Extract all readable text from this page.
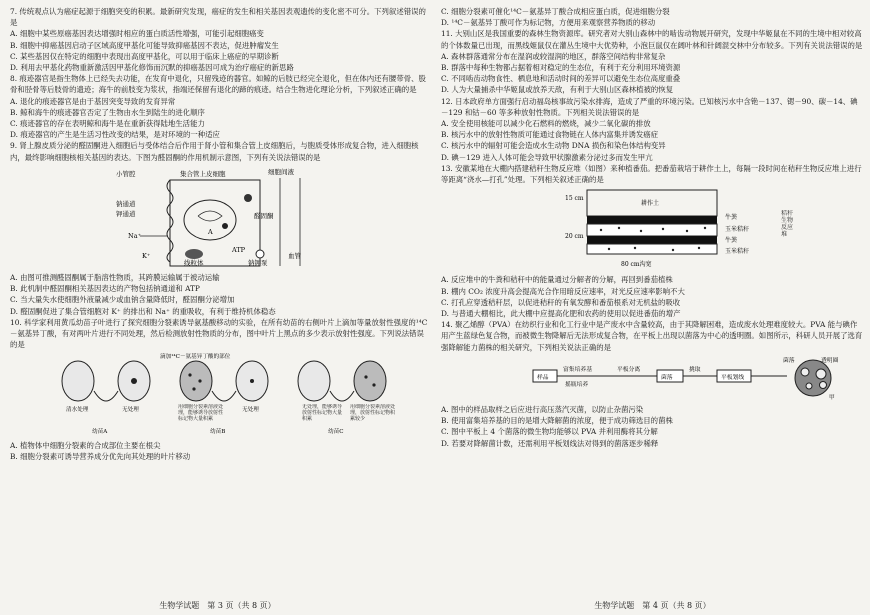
7. 传统观点认为癌症起源于细胞突变的积累。最新研究发现，癌症的发生和相关基因表观遗传的变化密不可分。下列叙述错误的是

A. 细胞中某些原癌基因表达增强时相应的蛋白质活性增强，可能引起细胞癌变

B. 细胞中抑癌基因启动子区域高度甲基化可能导致抑癌基因不表达，促进肿瘤发生

C. 某些基因仅在特定的细胞中表现出高度甲基化，可以用于临床上癌症的早期诊断

D. 利用去甲基化药物重新激活因甲基化修饰而沉默的抑癌基因可成为治疗癌症的新思路

8. 痕迹器官是指生物体上已经失去功能，在发育中退化，只留残迹的器官。如鲸的后肢已经完全退化，但在体内还有腰带骨、股骨和胫骨等后肢骨的遗迹；海牛的前肢变为浆状，指端还保留有退化的蹄的痕迹。结合生物进化理论分析，下列叙述正确的是

A. 退化的痕迹器官是由于基因突变导致的发育异常

B. 鲸和海牛的痕迹器官否定了生物由水生到陆生的进化顺序

C. 痕迹器官的存在表明鲸和海牛是在重新获得陆地生活能力

D. 痕迹器官的产生是生活习性改变的结果，是对环境的一种适应

9. 肾上腺皮质分泌的醛固酮进入细胞后与受体结合后作用于肾小管和集合管上皮细胞后，与胞质受体形成复合物，进入细胞核内，最终影响细胞核相关基因的表达。下图为醛固酮的作用机制示意图，下列有关说法错误的是

小管腔	集合管上皮细胞	细胞间液
A
线粒体
ATP
钠钾泵
钠通道
钾通道
Na⁺
K⁺
醛固酮
血管

A. 由图可推测醛固酮属于脂溶性物质，其跨膜运输属于被动运输

B. 此机制中醛固酮相关基因表达的产物包括钠通道和 ATP

C. 当大量失水使细胞外液量减少或血钠含量降低时，醛固酮分泌增加

D. 醛固酮促进了集合管细胞对 K⁺ 的排出和 Na⁺ 的重吸收，有利于维持机体稳态

10. 科学家利用黄瓜幼苗子叶进行了探究细胞分裂素诱导氨基酸移动的实验，在所有幼苗的右侧叶片上滴加等量放射性强度的¹⁴C－氨基异丁酸，有对两叶片进行不同处理，然后检测放射性物质的分布，图中叶片上黑点的多少表示放射性强度。下列说法错误的是

滴加¹⁴C－氨基异丁酸的部位
清水处理	无处理
幼苗A
用细胞分裂素溶液处理，能够诱导放射性标记物大量积累
无处理
幼苗B
无处理，能够诱导放射性标记物大量积累
用细胞分裂素溶液处理，放射性标记物积累较少
幼苗C

A. 植物体中细胞分裂素的合成部位主要在根尖

B. 细胞分裂素可诱导营养成分优先向其处理的叶片移动

生物学试题　第 3 页（共 8 页）

C. 细胞分裂素可催化¹⁴C－氨基异丁酸合成相应蛋白质，促进细胞分裂

D. ¹⁴C－氨基异丁酸可作为标记物，方便用来观察营养物质的移动

11. 大别山区是我国重要的森林生物资源库。研究者对大别山森林中的啮齿动物展开研究，发现中华姬鼠在不同的生境中相对较高的个体数量已出现，而黑线姬鼠仅在灌丛生境中大优势种，小泡巨鼠仅在阔叶林和针阔混交林中分布较多。下列有关说法错误的是

A. 森林群落通常分布在湿润或较湿润的地区，群落空间结构非常复杂

B. 群落中每种生物都占据着相对稳定的生态位，有利于充分利用环境资源

C. 不同啮齿动物食性、栖息地和活动时间的差异可以避免生态位高度重叠

D. 人为大量捕杀中华姬鼠或放养天敌，有利于大别山区森林植被的恢复

12. 日本政府单方面强行启动福岛核事故污染水排海，造成了严重的环境污染。已知核污水中含铯－137、锶－90、碳－14、碘－129 和钴－60 等多种放射性物质。下列相关说法错误的是

A. 安全使用核能可以减少化石燃料的燃烧，减少二氧化碳的排放

B. 核污水中的放射性物质可能通过食物链在人体内富集并诱发癌症

C. 核污水中的辐射可能会造成水生动物 DNA 损伤和染色体结构变异

D. 碘－129 进入人体可能会导致甲状腺激素分泌过多而发生甲亢

13. 安徽某地在大棚内搭建秸秆生物反应堆（如图）来种植番茄。把番茄栽培于耕作土上，每隔一段时间在秸秆生物反应堆上进行等距离“浇水—打孔”处理。下列相关叙述正确的是

15 cm
20 cm
耕作土
牛粪
玉米秸秆
牛粪
玉米秸秆
秸秆生物反应堆
80 cm沟宽

A. 反应堆中的牛粪和秸秆中的能量通过分解者的分解，再回到番茄植株

B. 棚内 CO₂ 浓度升高会提高光合作用暗反应速率，对光反应速率影响不大

C. 打孔应穿透秸秆层，以促进秸秆的有氧发酵和番茄根系对无机盐的吸收

D. 与普通大棚相比，此大棚中应提高化肥和农药的使用以促进番茄的增产

14. 聚乙烯醇（PVA）在纺织行业和化工行业中是产废水中含量较高，由于其降解困难，造成废水处理难度较大。PVA 能与碘作用产生蓝绿色复合物，而被微生物降解后无法形成复合物，在平板上出现以菌落为中心的透明圈。如图所示，科研人员开展了选育强降解能力菌株的相关研究，下列相关说法正确的是

样品
富集培养基
摇瓶培养
平板分离
菌落
挑取
平板划线
菌落	透明圈
甲

A. 图中的样品取样之后应进行高压蒸汽灭菌，以防止杂菌污染

B. 使用富集培养基的目的是增大降解菌的浓度，便于成功筛选目的菌株

C. 图中平板上 4 个菌落的微生物均能够以 PVA 并利用酶将其分解

D. 若要对降解菌计数，还需利用平板划线法对得到的菌落逐步稀释

生物学试题　第 4 页（共 8 页）
